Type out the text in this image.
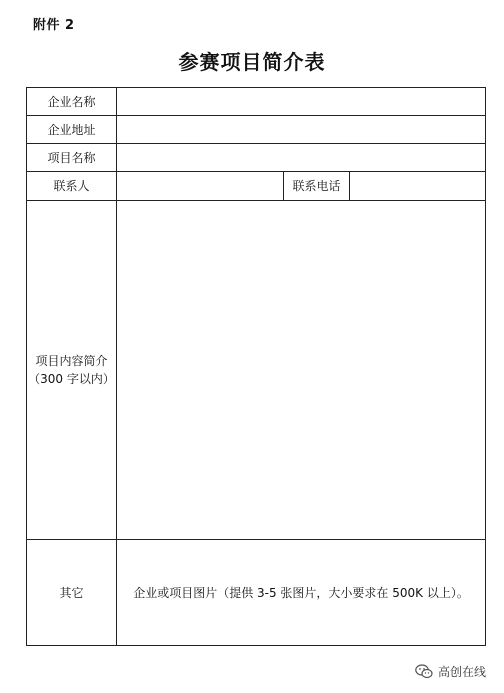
附件 2
参赛项目简介表
企业名称			
企业地址			
项目名称			
联系人		联系电话	

项目内容简介
（300 字以内）			

其它	企业或项目图片（提供 3-5 张图片，大小要求在 500K 以上）。		
高创在线
